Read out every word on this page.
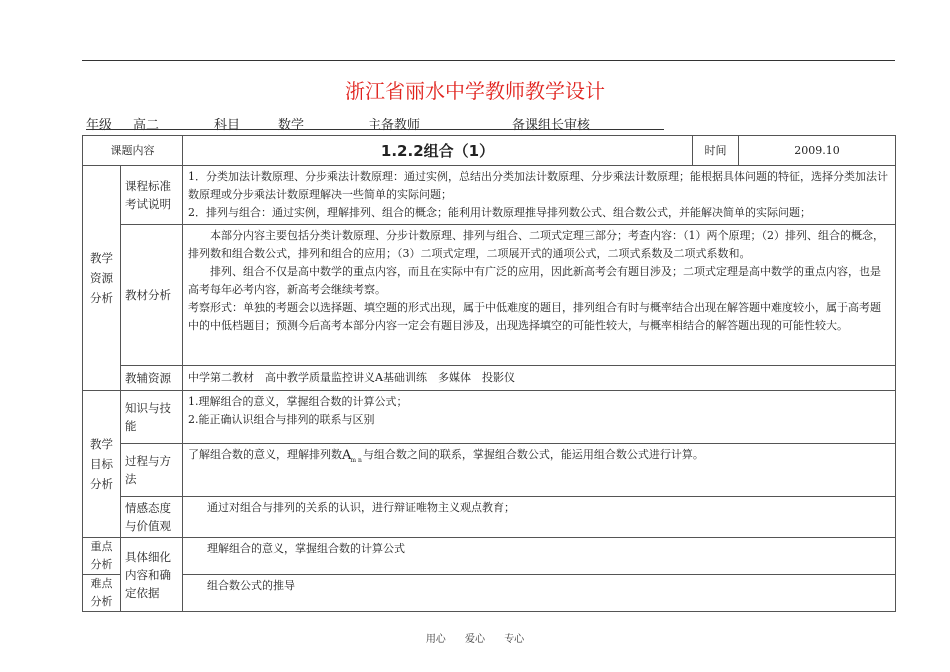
浙江省丽水中学教师教学设计
年级 高二	科目	数学	主备教师	备课组长审核
课题内容		1.2.2组合（1）	时间	2009.10

教学资源分析	课程标准考试说明	1．分类加法计数原理、分步乘法计数原理：通过实例，总结出分类加法计数原理、分步乘法计数原理；能根据具体问题的特征，选择分类加法计数原理或分步乘法计数原理解决一些简单的实际问题；

2．排列与组合：通过实例，理解排列、组合的概念；能利用计数原理推导排列数公式、组合数公式，并能解决简单的实际问题；		

	教材分析	本部分内容主要包括分类计数原理、分步计数原理、排列与组合、二项式定理三部分；考查内容：（1）两个原理；（2）排列、组合的概念，排列数和组合数公式，排列和组合的应用；（3）二项式定理，二项展开式的通项公式，二项式系数及二项式系数和。

排列、组合不仅是高中数学的重点内容，而且在实际中有广泛的应用，因此新高考会有题目涉及；二项式定理是高中数学的重点内容，也是高考每年必考内容，新高考会继续考察。

考察形式：单独的考题会以选择题、填空题的形式出现，属于中低难度的题目，排列组合有时与概率结合出现在解答题中难度较小，属于高考题中的中低档题目；预测今后高考本部分内容一定会有题目涉及，出现选择填空的可能性较大，与概率相结合的解答题出现的可能性较大。		

	教辅资源	中学第二教材　高中教学质量监控讲义A基础训练　多媒体　投影仪		

教学目标分析	知识与技能	1.理解组合的意义，掌握组合数的计算公式；

2.能正确认识组合与排列的联系与区别		

	过程与方法	了解组合数的意义，理解排列数$A_{m n}$与组合数之间的联系，掌握组合数公式，能运用组合数公式进行计算。		
	情感态度与价值观	通过对组合与排列的关系的认识，进行辩证唯物主义观点教育；		

重点分析	具体细化内容和确定依据	理解组合的意义，掌握组合数的计算公式		

难点分析		组合数公式的推导		
用心 爱心 专心
